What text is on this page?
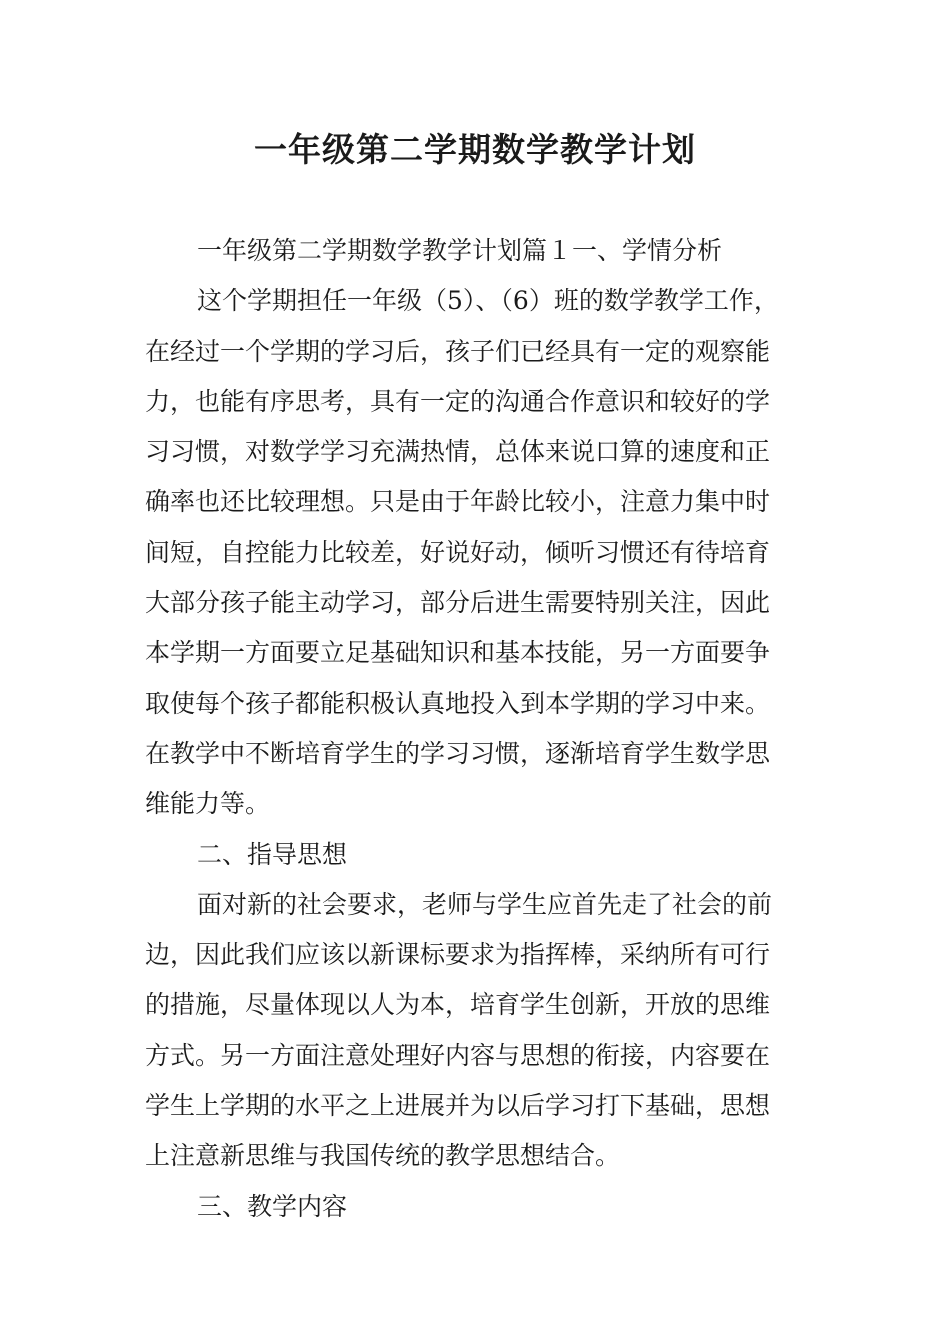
一年级第二学期数学教学计划
一年级第二学期数学教学计划篇１一、学情分析
这个学期担任一年级（5）、（6）班的数学教学工作，
在经过一个学期的学习后，孩子们已经具有一定的观察能
力，也能有序思考，具有一定的沟通合作意识和较好的学
习习惯，对数学学习充满热情，总体来说口算的速度和正
确率也还比较理想。只是由于年龄比较小，注意力集中时
间短，自控能力比较差，好说好动，倾听习惯还有待培育
大部分孩子能主动学习，部分后进生需要特别关注，因此
本学期一方面要立足基础知识和基本技能，另一方面要争
取使每个孩子都能积极认真地投入到本学期的学习中来。
在教学中不断培育学生的学习习惯，逐渐培育学生数学思
维能力等。
二、指导思想
面对新的社会要求，老师与学生应首先走了社会的前
边，因此我们应该以新课标要求为指挥棒，采纳所有可行
的措施，尽量体现以人为本，培育学生创新，开放的思维
方式。另一方面注意处理好内容与思想的衔接，内容要在
学生上学期的水平之上进展并为以后学习打下基础，思想
上注意新思维与我国传统的教学思想结合。
三、教学内容
